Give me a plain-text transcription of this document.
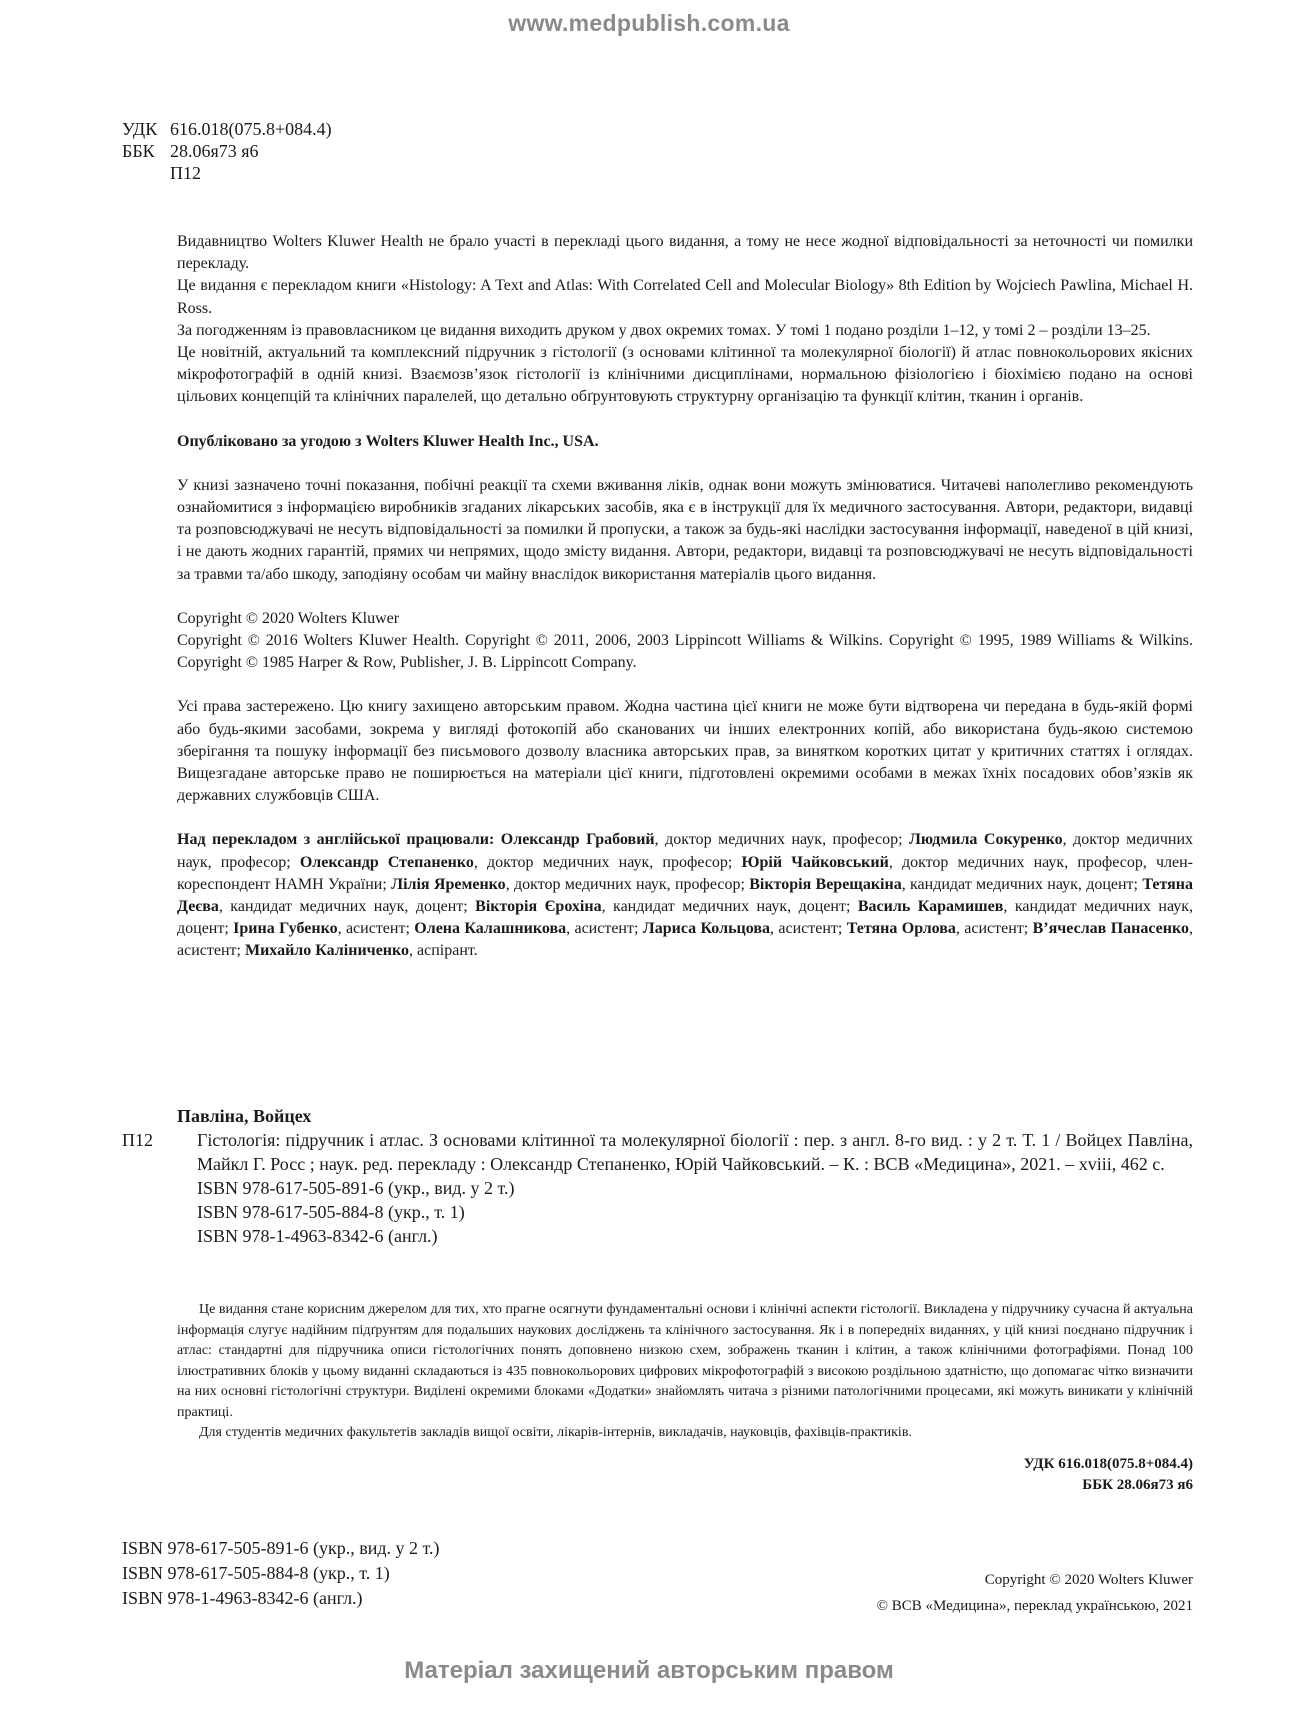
www.medpublish.com.ua
УДК 616.018(075.8+084.4)
ББК 28.06я73 я6
П12

Видавництво Wolters Kluwer Health не брало участі в перекладі цього видання, а тому не несе жодної відповідальності за неточності чи помилки перекладу.

Це видання є перекладом книги «Histology: A Text and Atlas: With Correlated Cell and Molecular Biology» 8th Edition by Wojciech Pawlina, Michael H. Ross.

За погодженням із правовласником це видання виходить друком у двох окремих томах. У томі 1 подано розділи 1–12, у томі 2 – розділи 13–25.

Це новітній, актуальний та комплексний підручник з гістології (з основами клітинної та молекулярної біології) й атлас повнокольорових якісних мікрофотографій в одній книзі. Взаємозв’язок гістології із клінічними дисциплінами, нормальною фізіологією і біохімією подано на основі цільових концепцій та клінічних паралелей, що детально обґрунтовують структурну організацію та функції клітин, тканин і органів.

Опубліковано за угодою з Wolters Kluwer Health Inc., USA.

У книзі зазначено точні показання, побічні реакції та схеми вживання ліків, однак вони можуть змінюватися. Читачеві наполегливо рекомендують ознайомитися з інформацією виробників згаданих лікарських засобів, яка є в інструкції для їх медичного застосування. Автори, редактори, видавці та розповсюджувачі не несуть відповідальності за помилки й пропуски, а також за будь-які наслідки застосування інформації, наведеної в цій книзі, і не дають жодних гарантій, прямих чи непрямих, щодо змісту видання. Автори, редактори, видавці та розповсюджувачі не несуть відповідальності за травми та/або шкоду, заподіяну особам чи майну внаслідок використання матеріалів цього видання.

Copyright © 2020 Wolters Kluwer

Copyright © 2016 Wolters Kluwer Health. Copyright © 2011, 2006, 2003 Lippincott Williams & Wilkins. Copyright © 1995, 1989 Williams & Wilkins. Copyright © 1985 Harper & Row, Publisher, J. B. Lippincott Company.

Усі права застережено. Цю книгу захищено авторським правом. Жодна частина цієї книги не може бути відтворена чи передана в будь-якій формі або будь-якими засобами, зокрема у вигляді фотокопій або сканованих чи інших електронних копій, або використана будь-якою системою зберігання та пошуку інформації без письмового дозволу власника авторських прав, за винятком коротких цитат у критичних статтях і оглядах. Вищезгадане авторське право не поширюється на матеріали цієї книги, підготовлені окремими особами в межах їхніх посадових обов’язків як державних службовців США.

Над перекладом з англійської працювали: Олександр Грабовий, доктор медичних наук, професор; Людмила Сокуренко, доктор медичних наук, професор; Олександр Степаненко, доктор медичних наук, професор; Юрій Чайковський, доктор медичних наук, професор, член-кореспондент НАМН України; Лілія Яременко, доктор медичних наук, професор; Вікторія Верещакіна, кандидат медичних наук, доцент; Тетяна Деєва, кандидат медичних наук, доцент; Вікторія Єрохіна, кандидат медичних наук, доцент; Василь Карамишев, кандидат медичних наук, доцент; Ірина Губенко, асистент; Олена Калашникова, асистент; Лариса Кольцова, асистент; Тетяна Орлова, асистент; В’ячеслав Панасенко, асистент; Михайло Каліниченко, аспірант.

Павліна, Войцех
П12	Гістологія: підручник і атлас. З основами клітинної та молекулярної біології : пер. з англ. 8-го вид. : у 2 т. Т. 1 / Войцех Павліна, Майкл Г. Росс ; наук. ред. перекладу : Олександр Степаненко, Юрій Чайковський. – К. : ВСВ «Медицина», 2021. – xviii, 462 с.
ISBN 978-617-505-891-6 (укр., вид. у 2 т.)
ISBN 978-617-505-884-8 (укр., т. 1)
ISBN 978-1-4963-8342-6 (англ.)

Це видання стане корисним джерелом для тих, хто прагне осягнути фундаментальні основи і клінічні аспекти гістології. Викладена у підручнику сучасна й актуальна інформація слугує надійним підґрунтям для подальших наукових досліджень та клінічного застосування. Як і в попередніх виданнях, у цій книзі поєднано підручник і атлас: стандартні для підручника описи гістологічних понять доповнено низкою схем, зображень тканин і клітин, а також клінічними фотографіями. Понад 100 ілюстративних блоків у цьому виданні складаються із 435 повнокольорових цифрових мікрофотографій з високою роздільною здатністю, що допомагає чітко визначити на них основні гістологічні структури. Виділені окремими блоками «Додатки» знайомлять читача з різними патологічними процесами, які можуть виникати у клінічній практиці.

Для студентів медичних факультетів закладів вищої освіти, лікарів-інтернів, викладачів, науковців, фахівців-практиків.

УДК 616.018(075.8+084.4)
ББК 28.06я73 я6
ISBN 978-617-505-891-6 (укр., вид. у 2 т.)
ISBN 978-617-505-884-8 (укр., т. 1)
ISBN 978-1-4963-8342-6 (англ.)
Copyright © 2020 Wolters Kluwer
© ВСВ «Медицина», переклад українською, 2021
Матеріал захищений авторським правом
